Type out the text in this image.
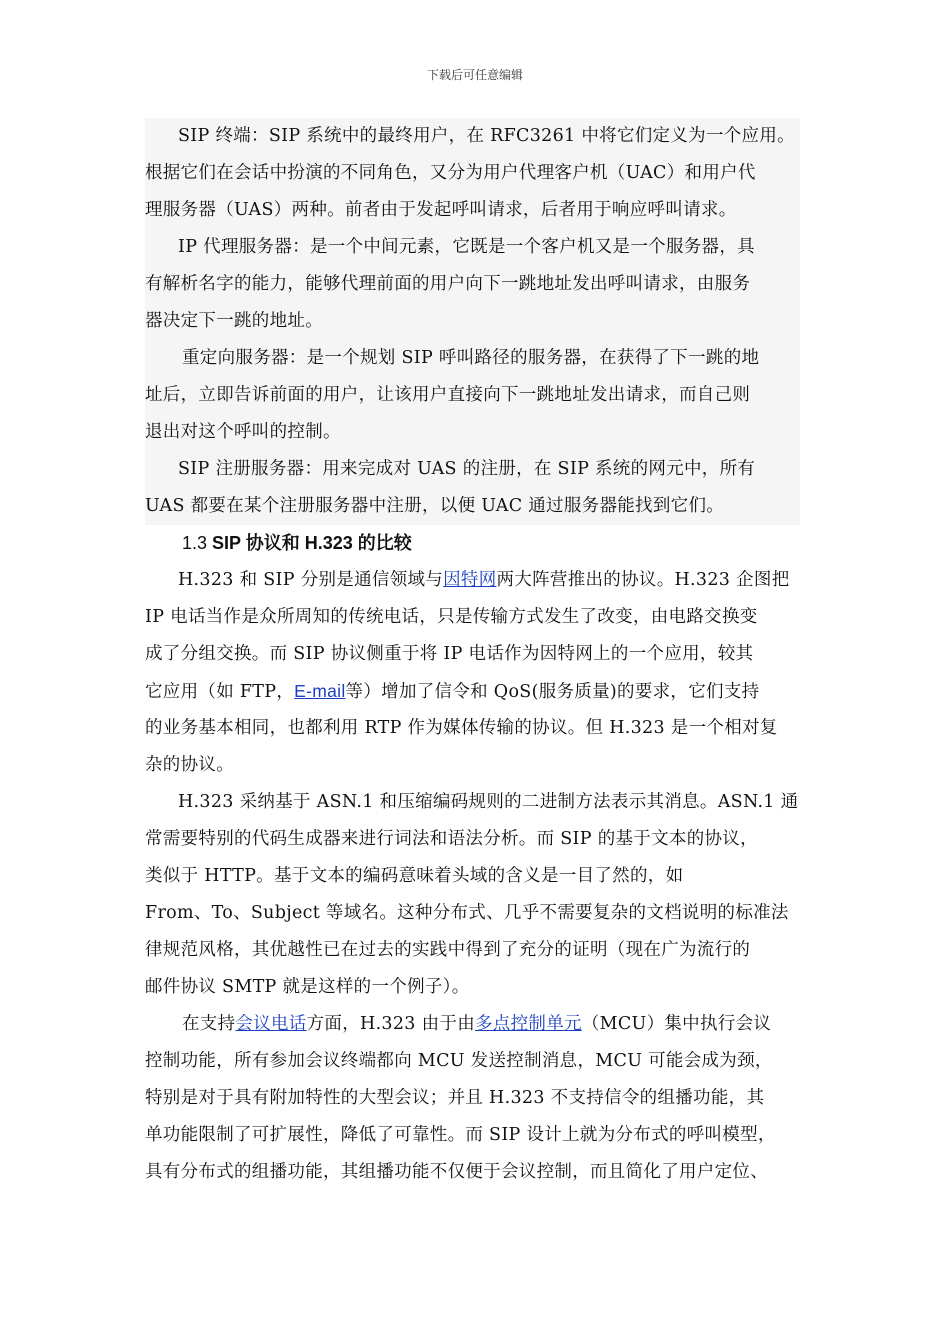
下载后可任意编辑
SIP 终端：SIP 系统中的最终用户，在 RFC3261 中将它们定义为一个应用。
根据它们在会话中扮演的不同角色，又分为用户代理客户机（UAC）和用户代
理服务器（UAS）两种。前者由于发起呼叫请求，后者用于响应呼叫请求。
IP 代理服务器：是一个中间元素，它既是一个客户机又是一个服务器，具
有解析名字的能力，能够代理前面的用户向下一跳地址发出呼叫请求，由服务
器决定下一跳的地址。
重定向服务器：是一个规划 SIP 呼叫路径的服务器，在获得了下一跳的地
址后，立即告诉前面的用户，让该用户直接向下一跳地址发出请求，而自己则
退出对这个呼叫的控制。
SIP 注册服务器：用来完成对 UAS 的注册，在 SIP 系统的网元中，所有
UAS 都要在某个注册服务器中注册，以便 UAC 通过服务器能找到它们。
1.3 SIP 协议和 H.323 的比较
H.323 和 SIP 分别是通信领域与因特网两大阵营推出的协议。H.323 企图把
IP 电话当作是众所周知的传统电话，只是传输方式发生了改变，由电路交换变
成了分组交换。而 SIP 协议侧重于将 IP 电话作为因特网上的一个应用，较其
它应用（如 FTP，E-mail等）增加了信令和 QoS(服务质量)的要求，它们支持
的业务基本相同，也都利用 RTP 作为媒体传输的协议。但 H.323 是一个相对复
杂的协议。
H.323 采纳基于 ASN.1 和压缩编码规则的二进制方法表示其消息。ASN.1 通
常需要特别的代码生成器来进行词法和语法分析。而 SIP 的基于文本的协议，
类似于 HTTP。基于文本的编码意味着头域的含义是一目了然的，如
From、To、Subject 等域名。这种分布式、几乎不需要复杂的文档说明的标准法
律规范风格，其优越性已在过去的实践中得到了充分的证明（现在广为流行的
邮件协议 SMTP 就是这样的一个例子）。
在支持会议电话方面，H.323 由于由多点控制单元（MCU）集中执行会议
控制功能，所有参加会议终端都向 MCU 发送控制消息，MCU 可能会成为颈，
特别是对于具有附加特性的大型会议；并且 H.323 不支持信令的组播功能，其
单功能限制了可扩展性，降低了可靠性。而 SIP 设计上就为分布式的呼叫模型，
具有分布式的组播功能，其组播功能不仅便于会议控制，而且简化了用户定位、
